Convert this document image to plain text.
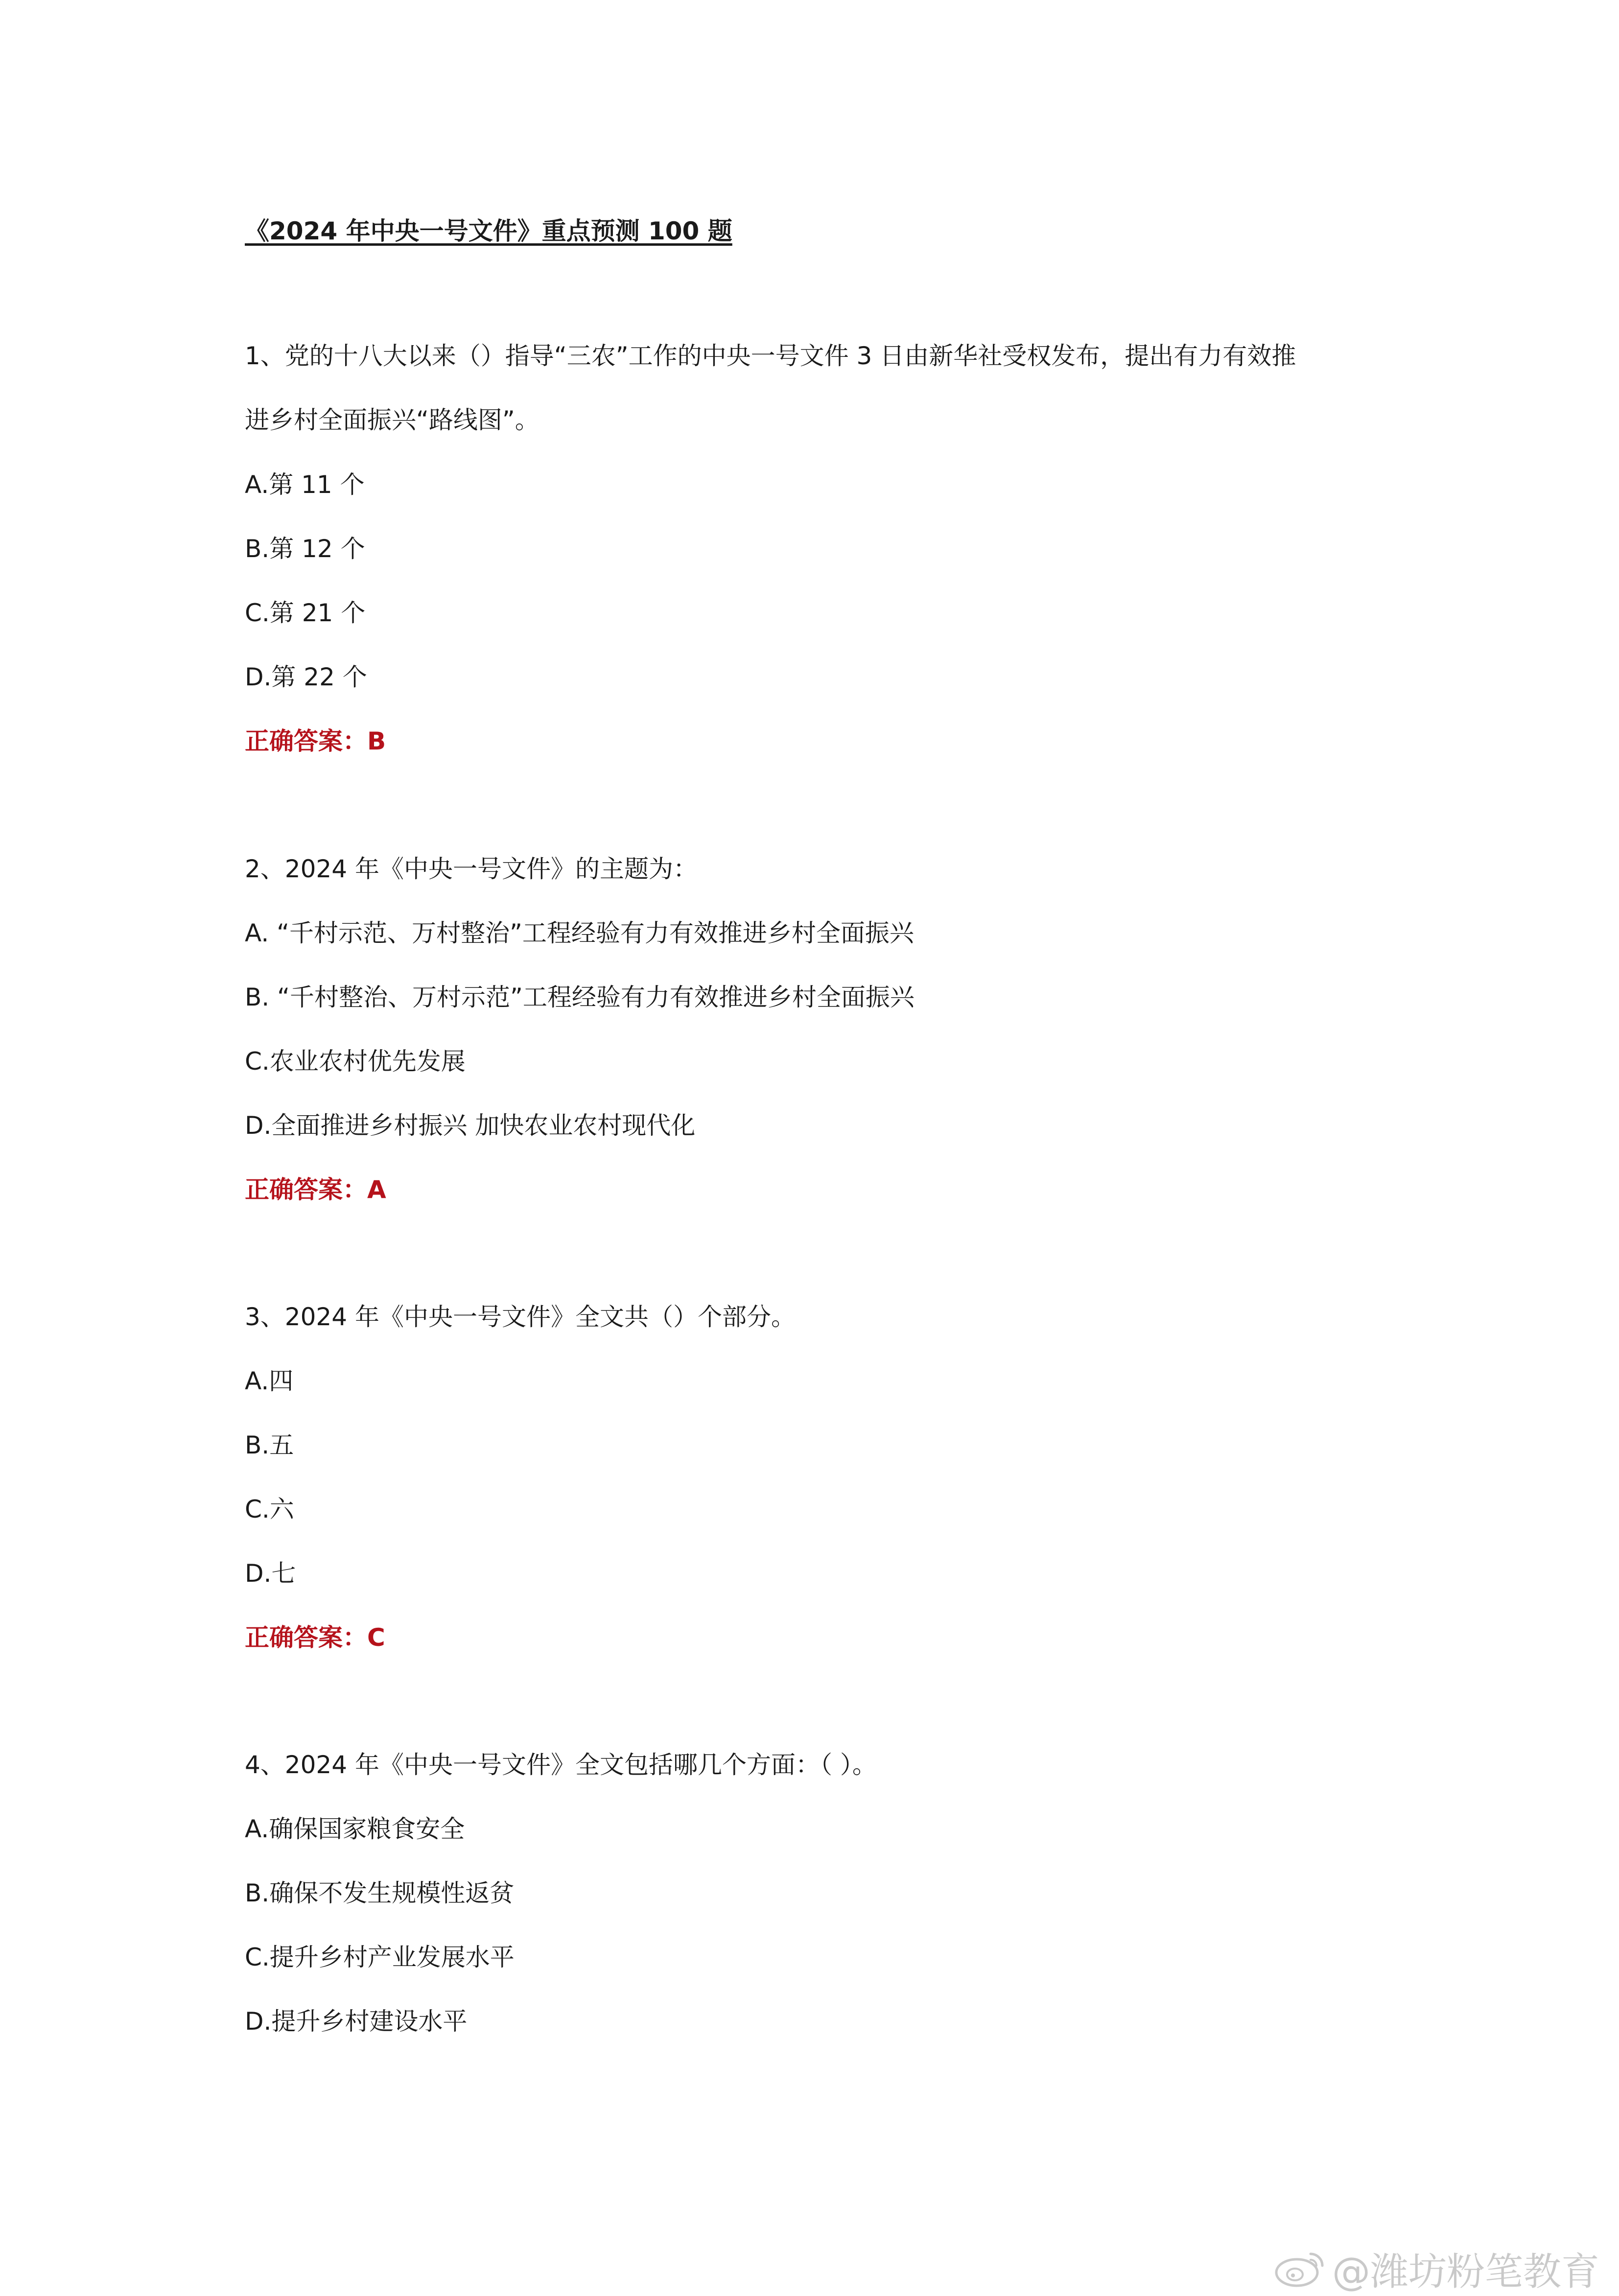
《2024 年中央一号文件》重点预测 100 题
1、党的十八大以来（）指导“三农”工作的中央一号文件 3 日由新华社受权发布，提出有力有效推
进乡村全面振兴“路线图”。
A.第 11 个
B.第 12 个
C.第 21 个
D.第 22 个
正确答案：B
2、2024 年《中央一号文件》的主题为：
A. “千村示范、万村整治”工程经验有力有效推进乡村全面振兴
B. “千村整治、万村示范”工程经验有力有效推进乡村全面振兴
C.农业农村优先发展
D.全面推进乡村振兴 加快农业农村现代化
正确答案：A
3、2024 年《中央一号文件》全文共（）个部分。
A.四
B.五
C.六
D.七
正确答案：C
4、2024 年《中央一号文件》全文包括哪几个方面：（ ）。
A.确保国家粮食安全
B.确保不发生规模性返贫
C.提升乡村产业发展水平
D.提升乡村建设水平
@潍坊粉笔教育
